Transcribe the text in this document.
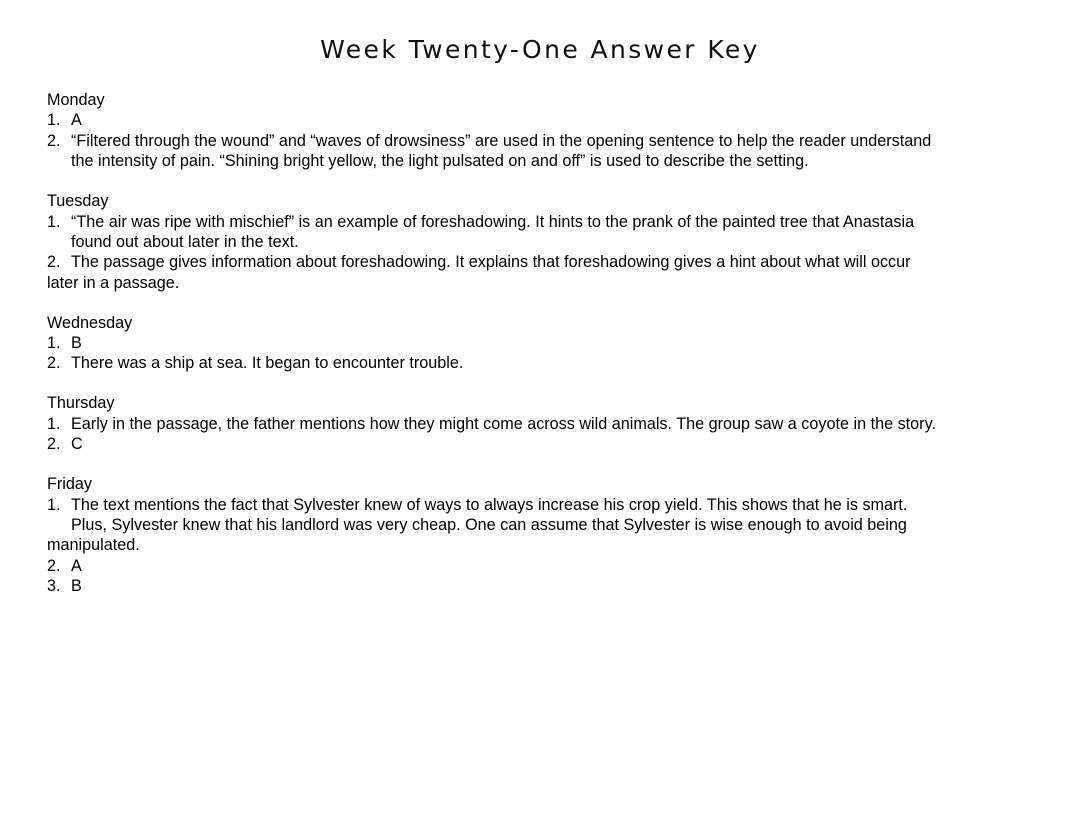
Week Twenty-One Answer Key
Monday
1. A
2. “Filtered through the wound” and “waves of drowsiness” are used in the opening sentence to help the reader understand
the intensity of pain. “Shining bright yellow, the light pulsated on and off” is used to describe the setting.
Tuesday
1. “The air was ripe with mischief” is an example of foreshadowing. It hints to the prank of the painted tree that Anastasia
found out about later in the text.
2. The passage gives information about foreshadowing. It explains that foreshadowing gives a hint about what will occur
later in a passage.
Wednesday
1. B
2. There was a ship at sea. It began to encounter trouble.
Thursday
1. Early in the passage, the father mentions how they might come across wild animals. The group saw a coyote in the story.
2. C
Friday
1. The text mentions the fact that Sylvester knew of ways to always increase his crop yield. This shows that he is smart.
Plus, Sylvester knew that his landlord was very cheap. One can assume that Sylvester is wise enough to avoid being
manipulated.
2. A
3. B
